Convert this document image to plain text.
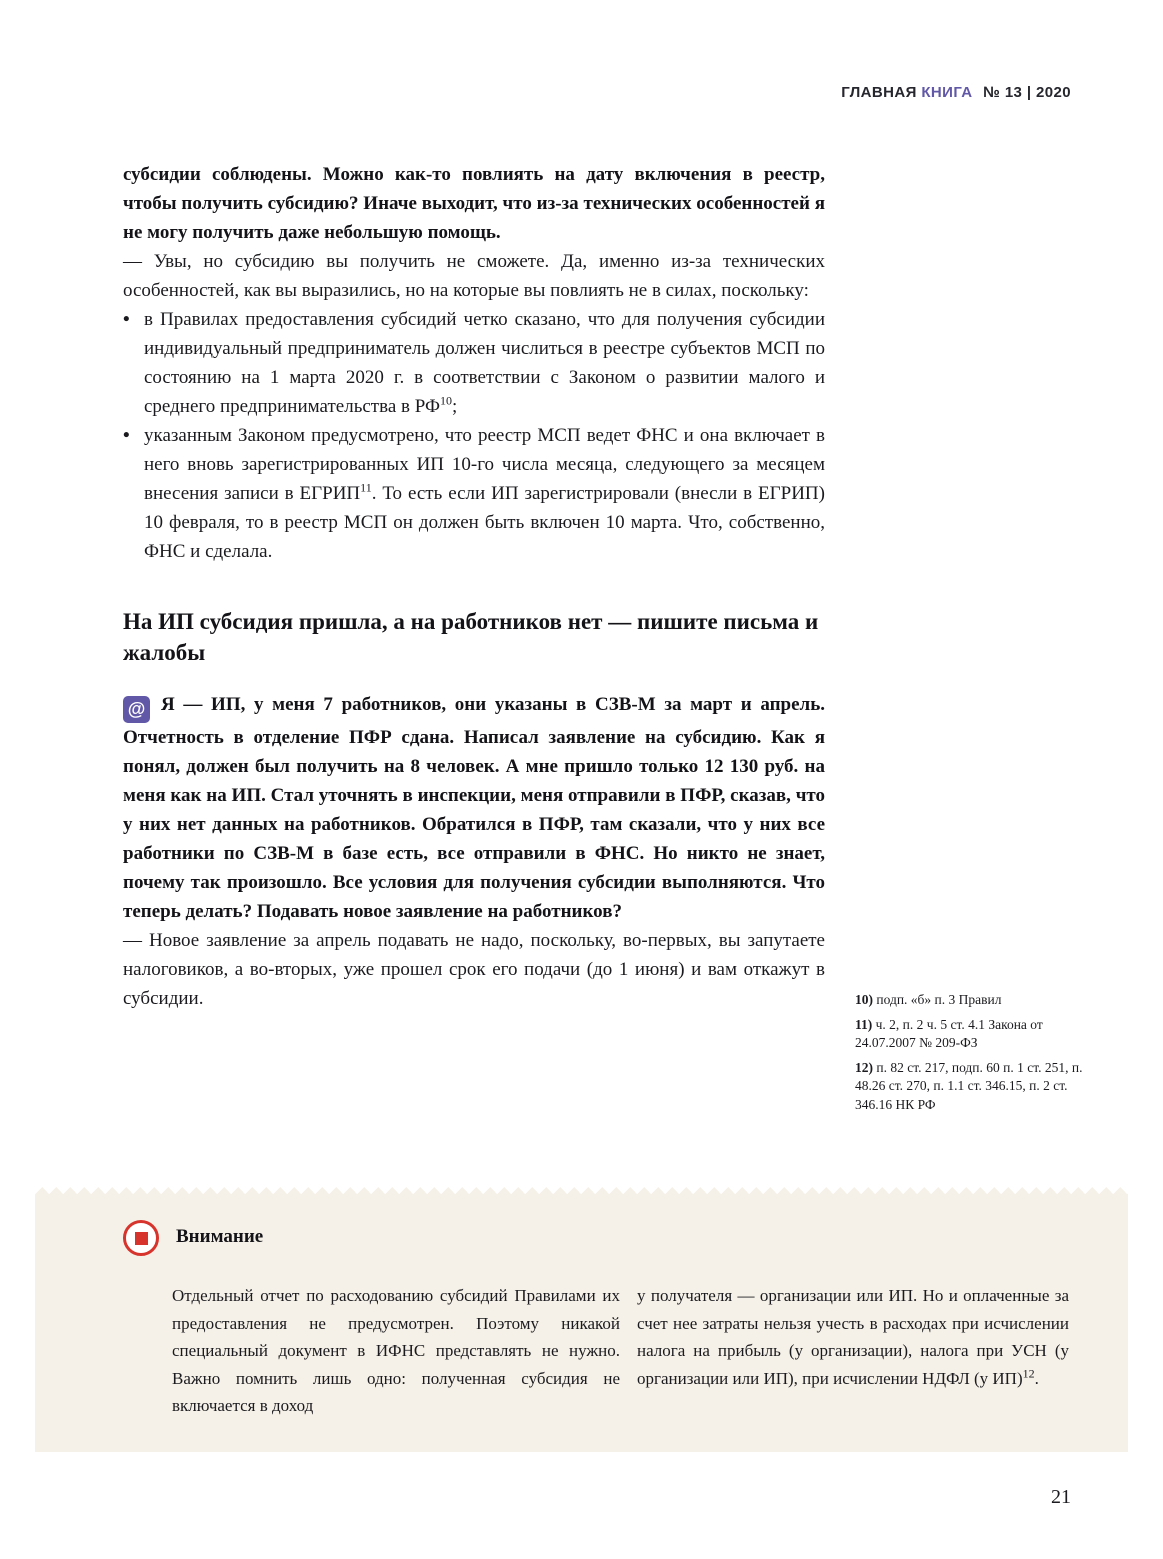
ГЛАВНАЯ КНИГА № 13 | 2020

субсидии соблюдены. Можно как-то повлиять на дату включения в реестр, чтобы получить субсидию? Иначе выходит, что из-за технических особенностей я не могу получить даже небольшую помощь.

— Увы, но субсидию вы получить не сможете. Да, именно из-за технических особенностей, как вы выразились, но на которые вы повлиять не в силах, поскольку:

• в Правилах предоставления субсидий четко сказано, что для получения субсидии индивидуальный предприниматель должен числиться в реестре субъектов МСП по состоянию на 1 марта 2020 г. в соответствии с Законом о развитии малого и среднего предпринимательства в РФ$^{10}$;
• указанным Законом предусмотрено, что реестр МСП ведет ФНС и она включает в него вновь зарегистрированных ИП 10-го числа месяца, следующего за месяцем внесения записи в ЕГРИП$^{11}$. То есть если ИП зарегистрировали (внесли в ЕГРИП) 10 февраля, то в реестр МСП он должен быть включен 10 марта. Что, собственно, ФНС и сделала.
На ИП субсидия пришла, а на работников нет — пишите письма и жалобы

@ Я — ИП, у меня 7 работников, они указаны в СЗВ-М за март и апрель. Отчетность в отделение ПФР сдана. Написал заявление на субсидию. Как я понял, должен был получить на 8 человек. А мне пришло только 12 130 руб. на меня как на ИП. Стал уточнять в инспекции, меня отправили в ПФР, сказав, что у них нет данных на работников. Обратился в ПФР, там сказали, что у них все работники по СЗВ-М в базе есть, все отправили в ФНС. Но никто не знает, почему так произошло. Все условия для получения субсидии выполняются. Что теперь делать? Подавать новое заявление на работников?

— Новое заявление за апрель подавать не надо, поскольку, во-первых, вы запутаете налоговиков, а во-вторых, уже прошел срок его подачи (до 1 июня) и вам откажут в субсидии.	10) подп. «б» п. 3 Правил

11) ч. 2, п. 2 ч. 5 ст. 4.1 Закона от 24.07.2007 № 209-ФЗ

12) п. 82 ст. 217, подп. 60 п. 1 ст. 251, п. 48.26 ст. 270, п. 1.1 ст. 346.15, п. 2 ст. 346.16 НК РФ

Внимание
Отдельный отчет по расходованию субсидий Правилами их предоставления не предусмотрен. Поэтому никакой специальный документ в ИФНС представлять не нужно. Важно помнить лишь одно: полученная субсидия не включается в доход
у получателя — организации или ИП. Но и оплаченные за счет нее затраты нельзя учесть в расходах при исчислении налога на прибыль (у организации), налога при УСН (у организации или ИП), при исчислении НДФЛ (у ИП)$^{12}$.
21
